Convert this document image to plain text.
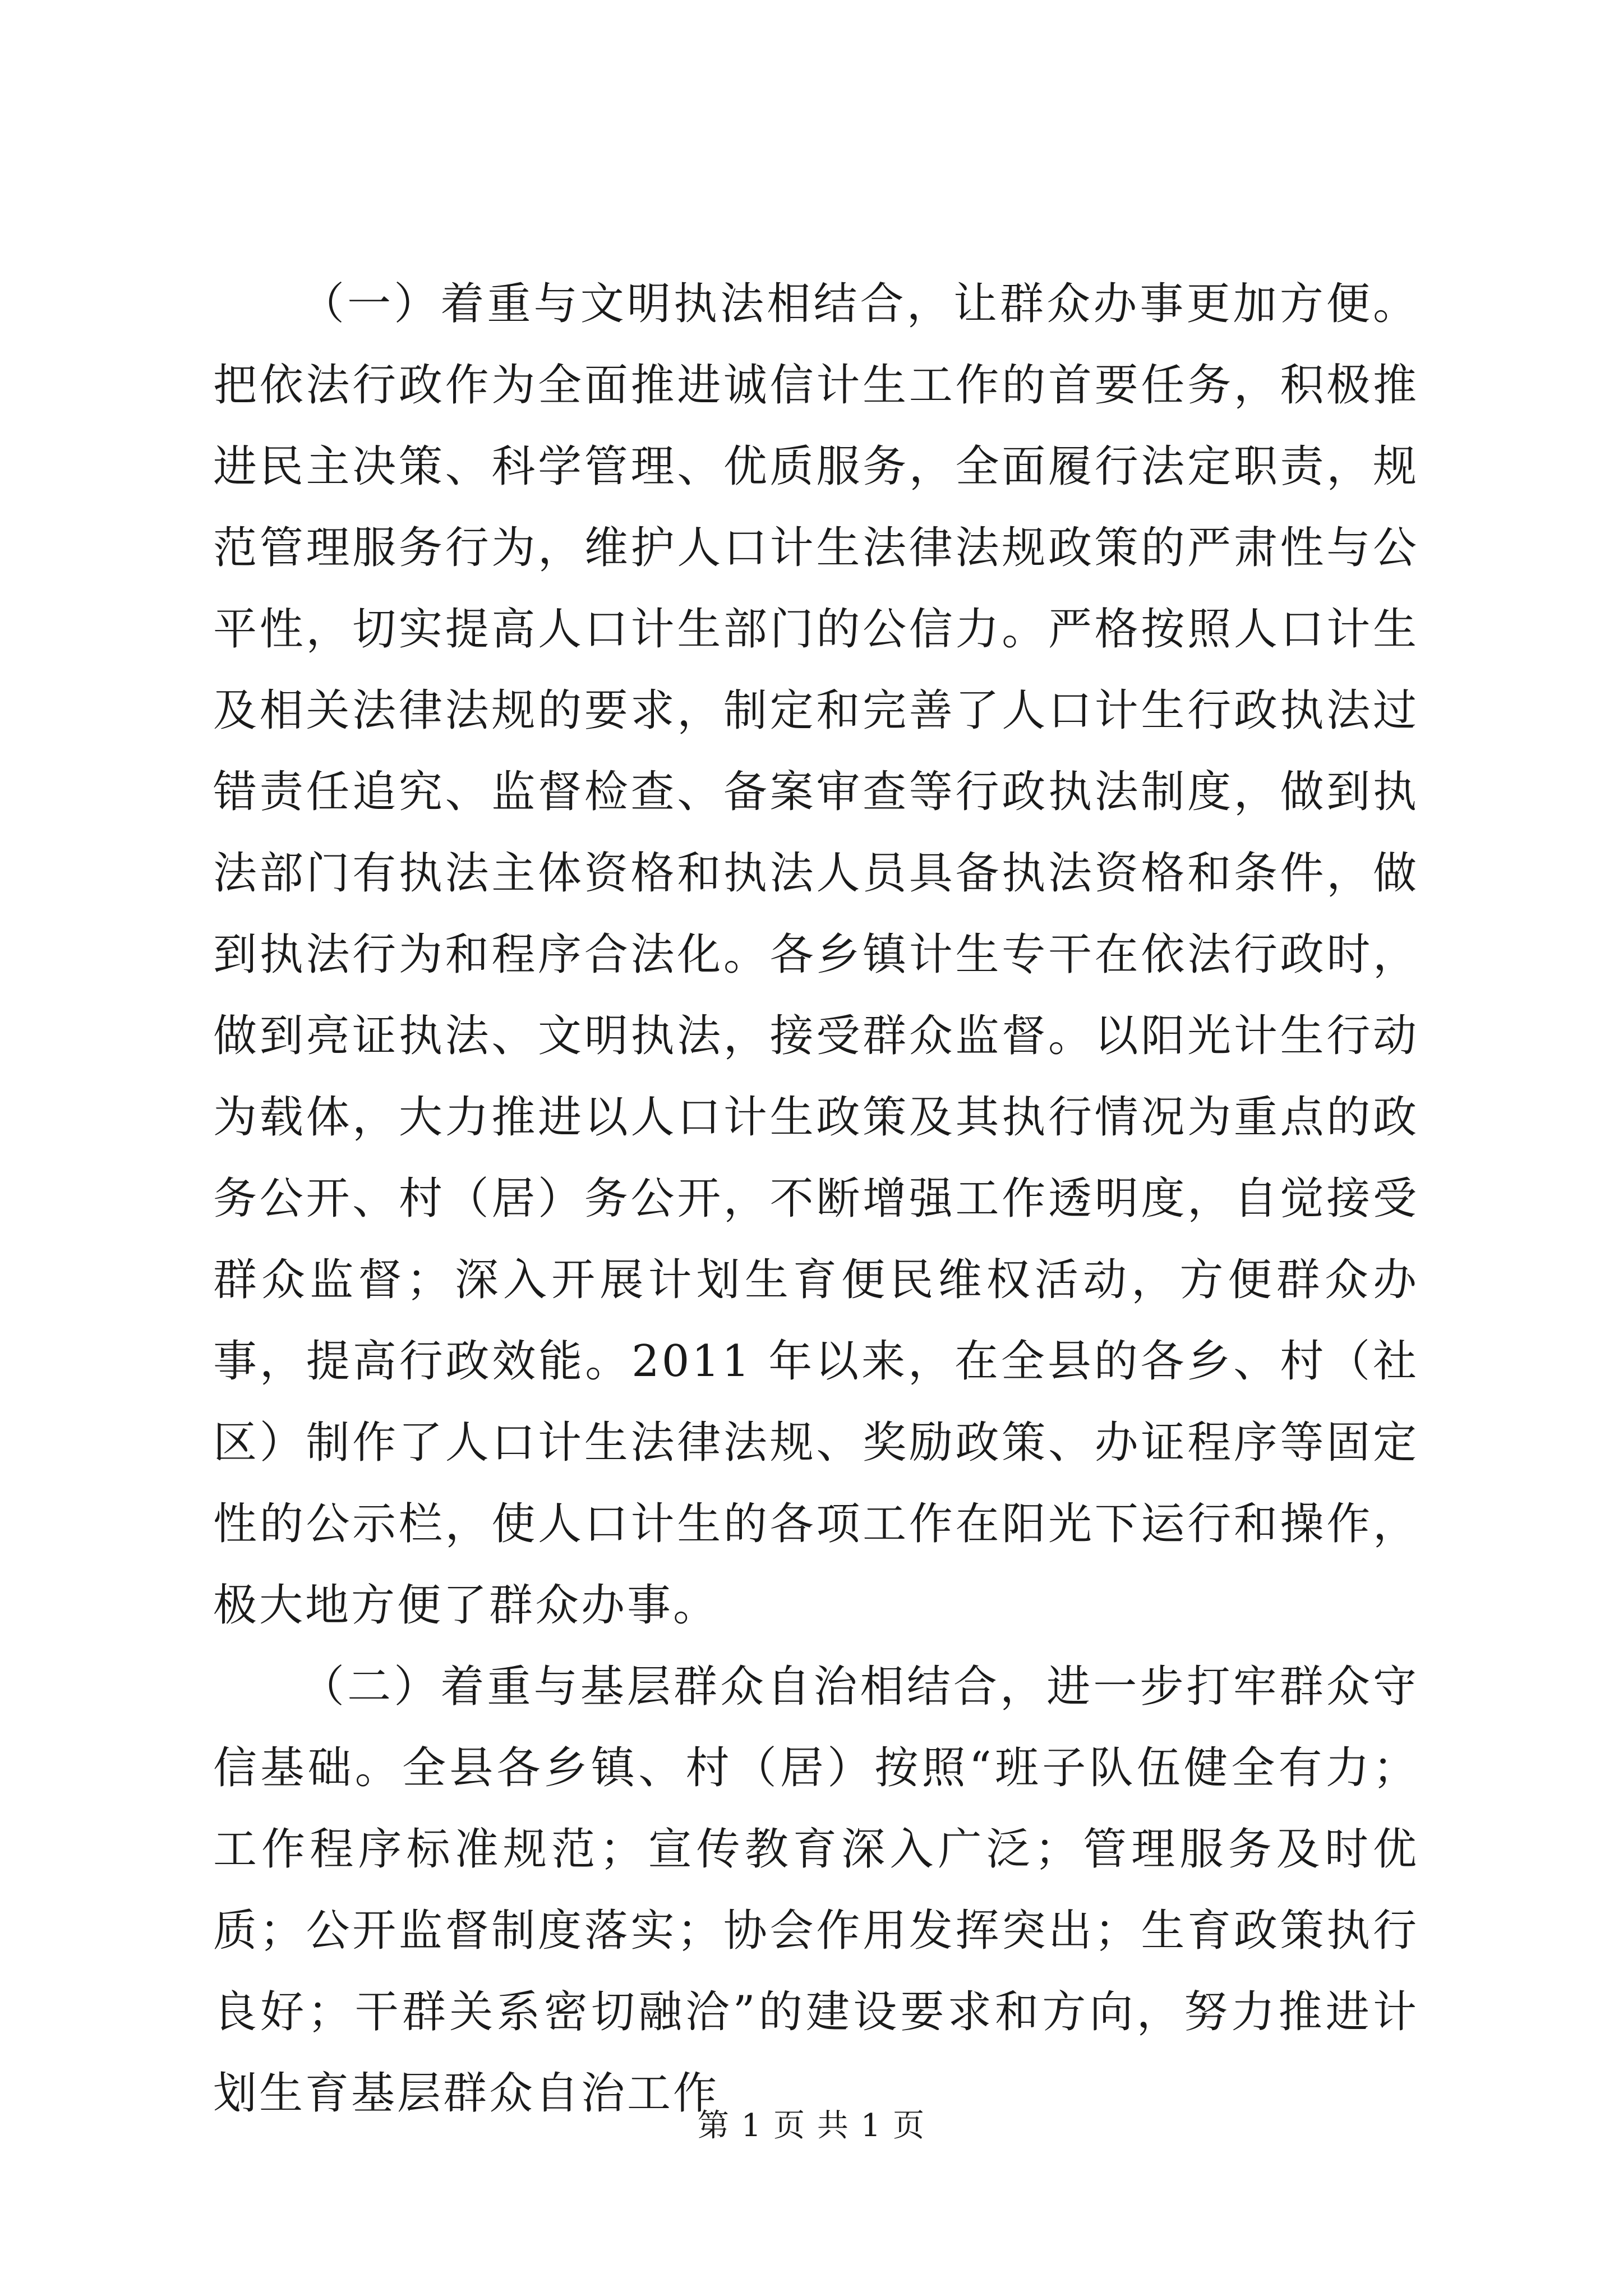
（一）着重与文明执法相结合，让群众办事更加方便。把依法行政作为全面推进诚信计生工作的首要任务，积极推进民主决策、科学管理、优质服务，全面履行法定职责，规范管理服务行为，维护人口计生法律法规政策的严肃性与公平性，切实提高人口计生部门的公信力。严格按照人口计生及相关法律法规的要求，制定和完善了人口计生行政执法过错责任追究、监督检查、备案审查等行政执法制度，做到执法部门有执法主体资格和执法人员具备执法资格和条件，做到执法行为和程序合法化。各乡镇计生专干在依法行政时，做到亮证执法、文明执法，接受群众监督。以阳光计生行动为载体，大力推进以人口计生政策及其执行情况为重点的政务公开、村（居）务公开，不断增强工作透明度，自觉接受群众监督；深入开展计划生育便民维权活动，方便群众办事，提高行政效能。2011 年以来，在全县的各乡、村（社区）制作了人口计生法律法规、奖励政策、办证程序等固定性的公示栏，使人口计生的各项工作在阳光下运行和操作，极大地方便了群众办事。

（二）着重与基层群众自治相结合，进一步打牢群众守信基础。全县各乡镇、村（居）按照“班子队伍健全有力；工作程序标准规范；宣传教育深入广泛；管理服务及时优质；公开监督制度落实；协会作用发挥突出；生育政策执行良好；干群关系密切融洽”的建设要求和方向，努力推进计划生育基层群众自治工作

第 1 页 共 1 页
